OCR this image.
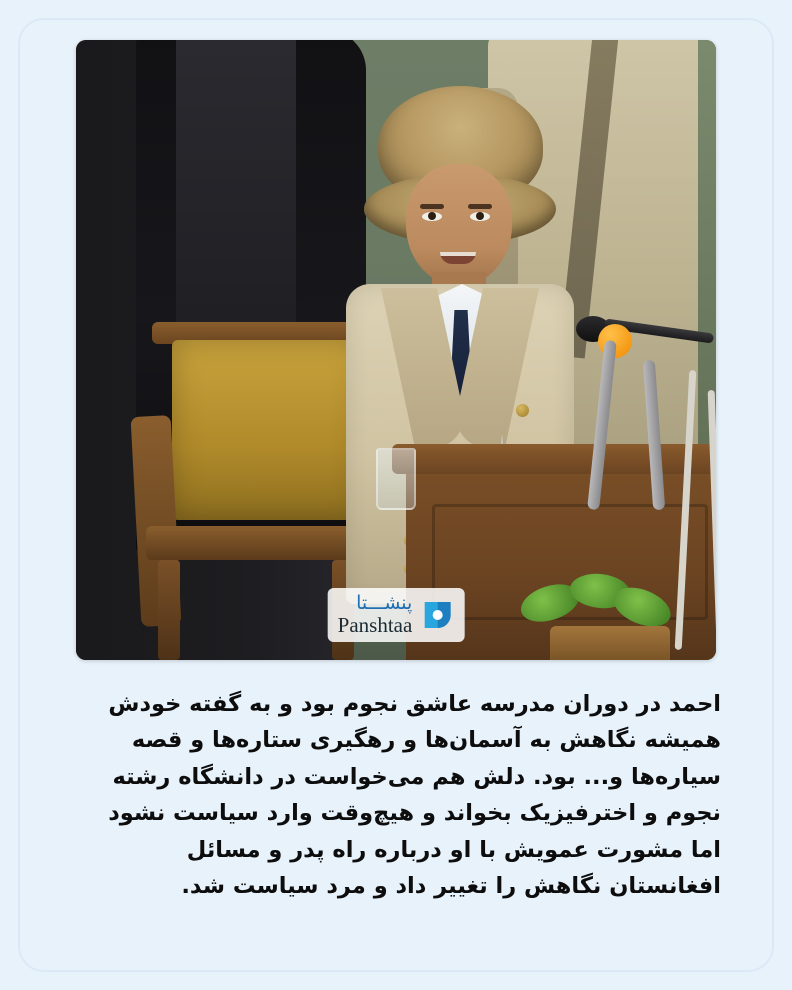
پنشـــتا
Panshtaa

احمد در دوران مدرسه عاشق نجوم بود و به گفته خودش همیشه نگاهش به آسمان‌ها و رهگیری ستاره‌ها و قصه سیاره‌ها و... بود. دلش هم می‌خواست در دانشگاه رشته نجوم و اخترفیزیک بخواند و هیچ‌وقت وارد سیاست نشود اما مشورت عمویش با او درباره راه پدر و مسائل افغانستان نگاهش را تغییر داد و مرد سیاست شد.
